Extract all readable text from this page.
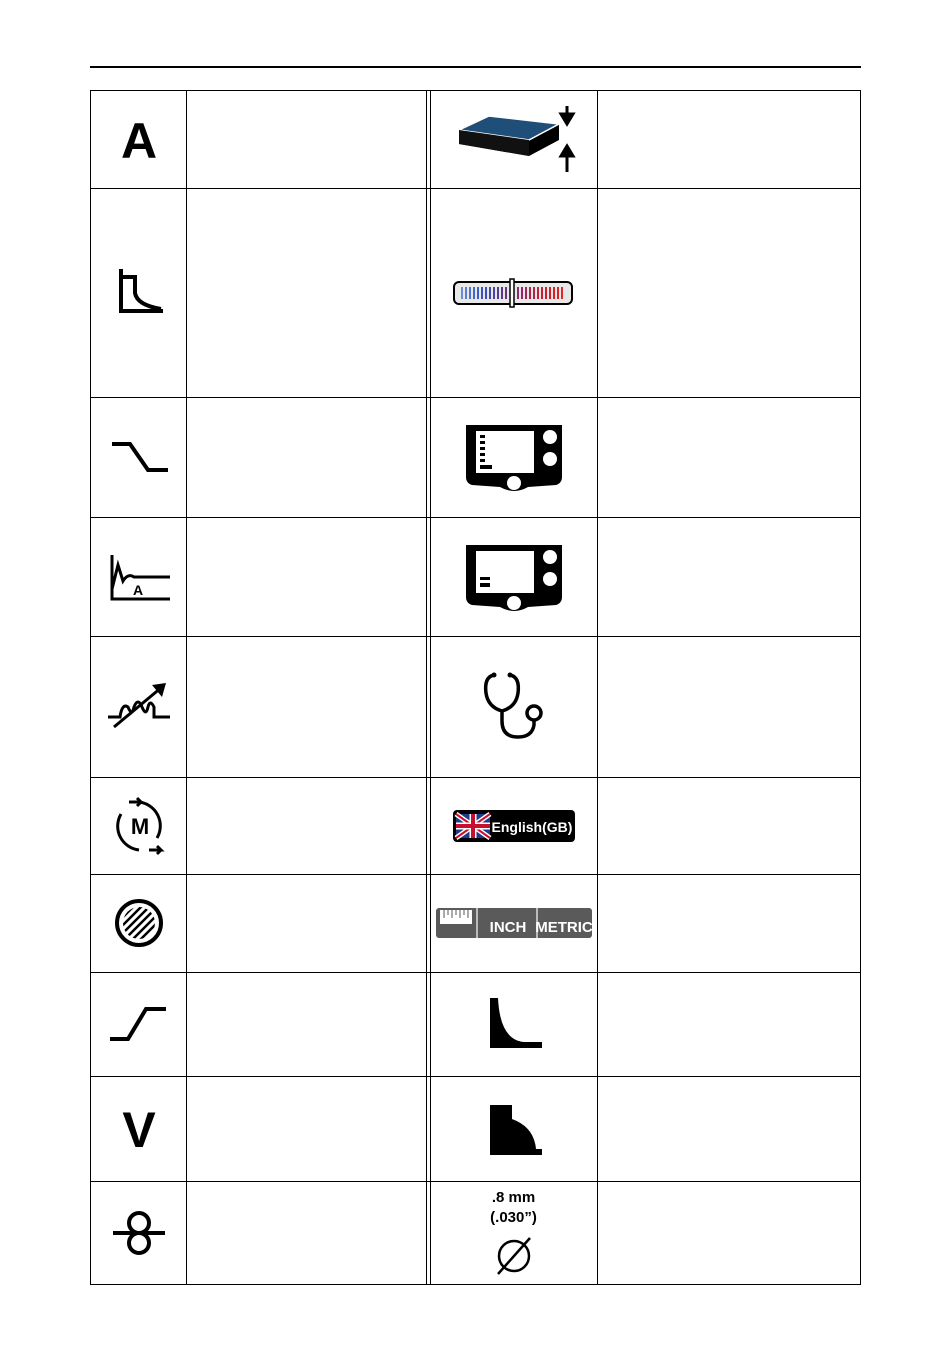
A
A
M
V
English(GB)
INCH METRIC
.8 mm
(.030”)
